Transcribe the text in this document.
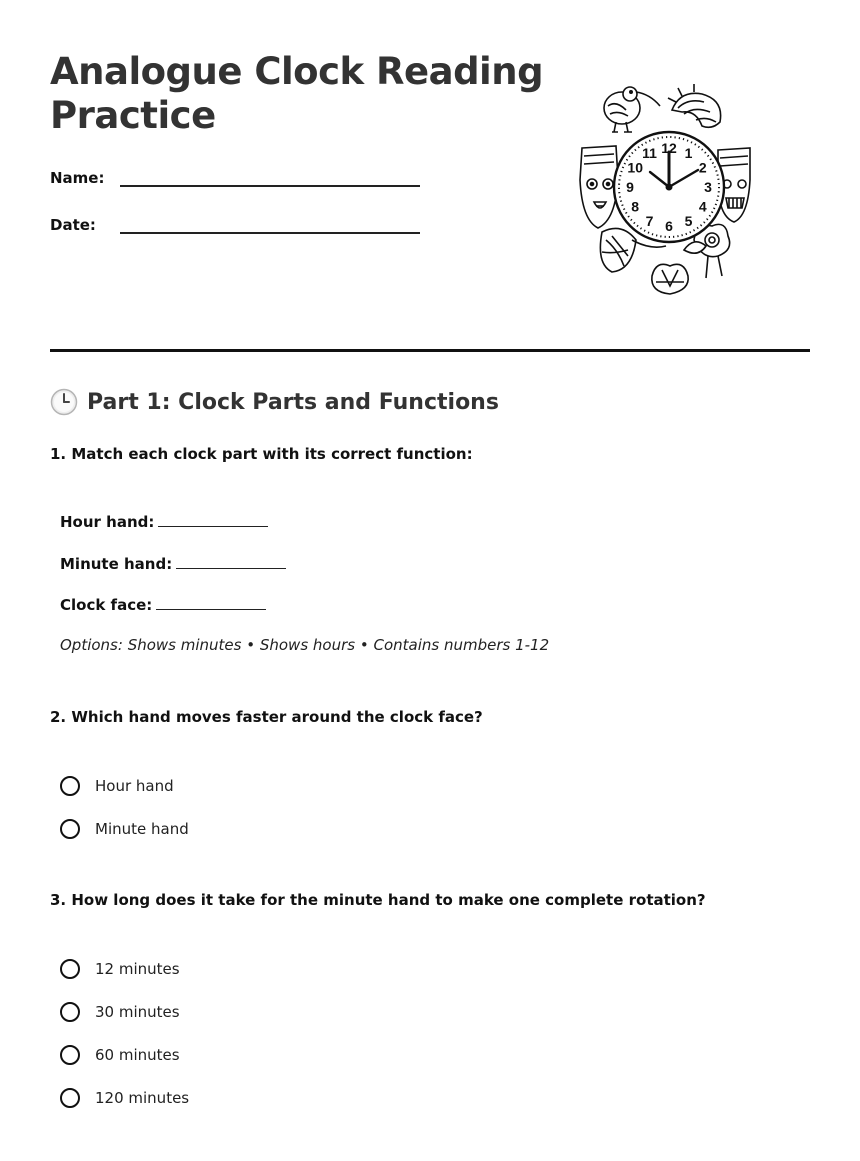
Analogue Clock Reading Practice
Name:
Date:
12 1
2
3
4
5
6
7
8
9
10
11
Part 1: Clock Parts and Functions

1. Match each clock part with its correct function:

Hour hand:
Minute hand:
Clock face:
Options: Shows minutes • Shows hours • Contains numbers 1-12

2. Which hand moves faster around the clock face?

Hour hand
Minute hand

3. How long does it take for the minute hand to make one complete rotation?

12 minutes
30 minutes
60 minutes
120 minutes
